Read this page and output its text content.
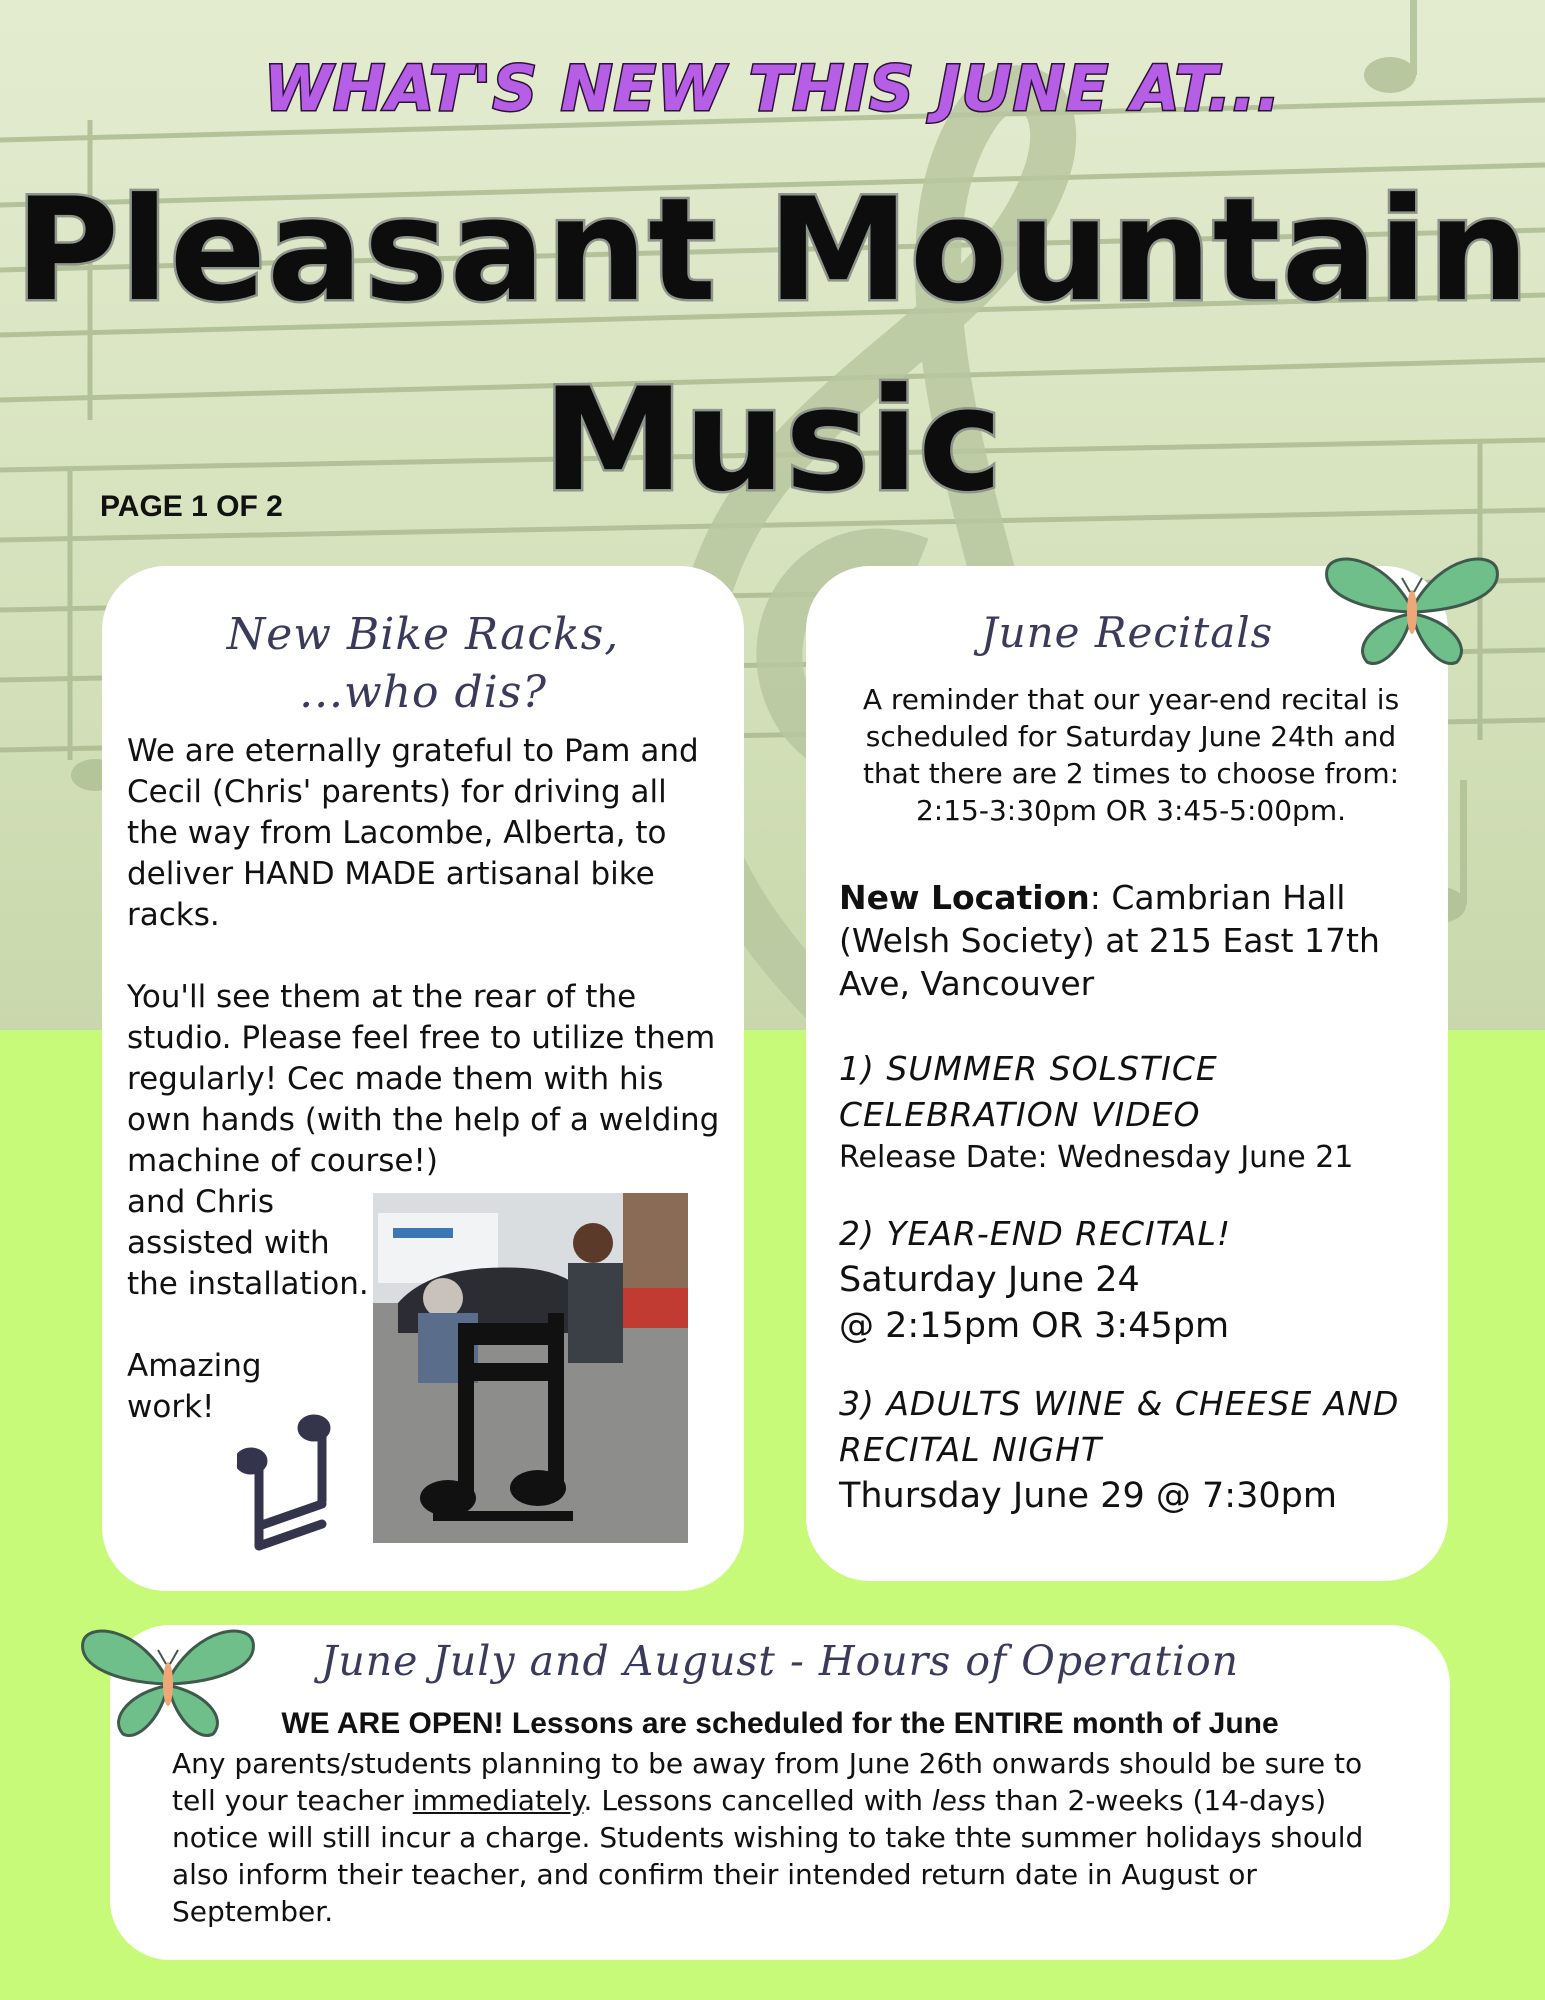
WHAT'S NEW THIS JUNE AT...
Pleasant Mountain
Music
PAGE 1 OF 2
New Bike Racks,
...who dis?

We are eternally grateful to Pam and Cecil (Chris' parents) for driving all the way from Lacombe, Alberta, to deliver HAND MADE artisanal bike racks.

You'll see them at the rear of the studio. Please feel free to utilize them regularly! Cec made them with his own hands (with the help of a welding machine of course!)

and Chris
assisted with
the installation.
Amazing
work!
June Recitals
A reminder that our year-end recital is scheduled for Saturday June 24th and that there are 2 times to choose from: 2:15-3:30pm OR 3:45-5:00pm.
New Location: Cambrian Hall (Welsh Society) at 215 East 17th Ave, Vancouver
1) SUMMER SOLSTICE CELEBRATION VIDEO
Release Date: Wednesday June 21
2) YEAR-END RECITAL!
Saturday June 24
@ 2:15pm OR 3:45pm
3) ADULTS WINE & CHEESE AND RECITAL NIGHT
Thursday June 29 @ 7:30pm
June July and August - Hours of Operation
WE ARE OPEN! Lessons are scheduled for the ENTIRE month of June
Any parents/students planning to be away from June 26th onwards should be sure to tell your teacher immediately. Lessons cancelled with less than 2-weeks (14-days) notice will still incur a charge. Students wishing to take thte summer holidays should also inform their teacher, and confirm their intended return date in August or September.
